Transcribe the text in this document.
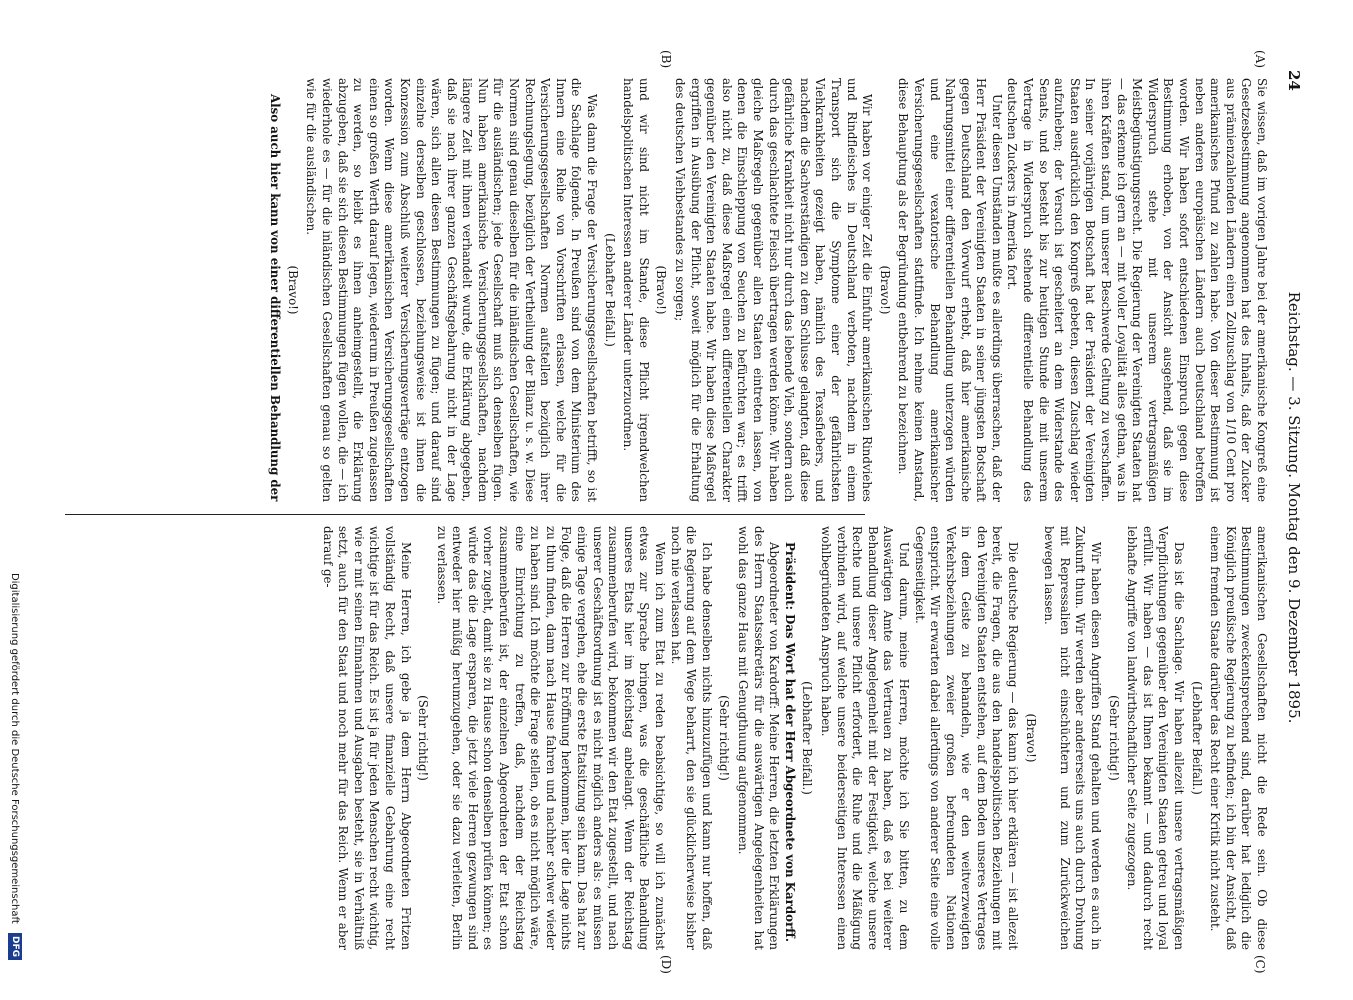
24
Reichstag. — 3. Sitzung. Montag den 9. Dezember 1895.
(A)
(B)
(C)
(D)

Sie wissen, daß im vorigen Jahre bei der amerikanische Kongreß eine Gesetzesbestimmung angenommen hat des Inhalts, daß der Zucker aus prämienzahlenden Ländern einen Zollzuschlag von 1/10 Cent pro amerikanisches Pfund zu zahlen habe. Von dieser Bestimmung ist neben anderen europäischen Ländern auch Deutschland betroffen worden. Wir haben sofort entschiedenen Einspruch gegen diese Bestimmung erhoben, von der Ansicht ausgehend, daß sie im Widerspruch stehe mit unserem vertragsmäßigen Meistbegünstigungsrecht. Die Regierung der Vereinigten Staaten hat — das erkenne ich gern an — mit voller Loyalität alles gethan, was in ihren Kräften stand, um unserer Beschwerde Geltung zu verschaffen. In seiner vorjährigen Botschaft hat der Präsident der Vereinigten Staaten ausdrücklich den Kongreß gebeten, diesen Zuschlag wieder aufzuheben; der Versuch ist gescheitert an dem Widerstande des Senats, und so besteht bis zur heutigen Stunde die mit unserem Vertrage in Widerspruch stehende differentielle Behandlung des deutschen Zuckers in Amerika fort.

Unter diesen Umständen mußte es allerdings überraschen, daß der Herr Präsident der Vereinigten Staaten in seiner jüngsten Botschaft gegen Deutschland den Vorwurf erhebt, daß hier amerikanische Nahrungsmittel einer differentiellen Behandlung unterzogen würden und eine vexatorische Behandlung amerikanischer Versicherungsgesellschaften stattfinde. Ich nehme keinen Anstand, diese Behauptung als der Begründung entbehrend zu bezeichnen.

(Bravo!)

Wir haben vor einiger Zeit die Einfuhr amerikanischen Rindviehes und Rindfleisches in Deutschland verboten, nachdem in einem Transport sich die Symptome einer der gefährlichsten Viehkrankheiten gezeigt haben, nämlich des Texasfiebers, und nachdem die Sachverständigen zu dem Schlusse gelangten, daß diese gefährliche Krankheit nicht nur durch das lebende Vieh, sondern auch durch das geschlachtete Fleisch übertragen werden könne. Wir haben gleiche Maßregeln gegenüber allen Staaten eintreten lassen, von denen die Einschleppung von Seuchen zu befürchten war; es trifft also nicht zu, daß diese Maßregel einen differentiellen Charakter gegenüber den Vereinigten Staaten habe. Wir haben diese Maßregel ergriffen in Ausübung der Pflicht, soweit möglich für die Erhaltung des deutschen Viehbestandes zu sorgen;

(Bravo!)

und wir sind nicht im Stande, diese Pflicht irgendwelchen handelspolitischen Interessen anderer Länder unterzuordnen.

(Lebhafter Beifall.)

Was dann die Frage der Versicherungsgesellschaften betrifft, so ist die Sachlage folgende. In Preußen sind von dem Ministerium des Innern eine Reihe von Vorschriften erlassen, welche für die Versicherungsgesellschaften Normen aufstellen bezüglich ihrer Rechnungslegung, bezüglich der Vertheilung der Bilanz u. s. w. Diese Normen sind genau dieselben für die inländischen Gesellschaften, wie für die ausländischen; jede Gesellschaft muß sich denselben fügen. Nun haben amerikanische Versicherungsgesellschaften, nachdem längere Zeit mit ihnen verhandelt wurde, die Erklärung abgegeben, daß sie nach ihrer ganzen Geschäftsgebahrung nicht in der Lage wären, sich allen diesen Bestimmungen zu fügen; und darauf sind einzelne derselben geschlossen, beziehungsweise ist ihnen die Konzession zum Abschluß weiterer Versicherungsverträge entzogen worden. Wenn diese amerikanischen Versicherungsgesellschaften einen so großen Werth darauf legen, wiederum in Preußen zugelassen zu werden, so bleibt es ihnen anheimgestellt, die Erklärung abzugeben, daß sie sich diesen Bestimmungen fügen wollen, die — ich wiederhole es — für die inländischen Gesellschaften genau so gelten wie für die ausländischen.

(Bravo!)

Also auch hier kann von einer differentiellen Behandlung der

amerikanischen Gesellschaften nicht die Rede sein. Ob diese Bestimmungen zweckentsprechend sind, darüber hat lediglich die Königlich preußische Regierung zu befinden; ich bin der Ansicht, daß einem fremden Staate darüber das Recht einer Kritik nicht zusteht.

(Lebhafter Beifall.)

Das ist die Sachlage. Wir haben allezeit unsere vertragsmäßigen Verpflichtungen gegenüber den Vereinigten Staaten getreu und loyal erfüllt. Wir haben — das ist Ihnen bekannt — und dadurch recht lebhafte Angriffe von landwirthschaftlicher Seite zugezogen.

(Sehr richtig!)

Wir haben diesen Angriffen Stand gehalten und werden es auch in Zukunft thun. Wir werden aber andererseits uns auch durch Drohung mit Repressalien nicht einschüchtern und zum Zurückweichen bewegen lassen.

(Bravo!)

Die deutsche Regierung — das kann ich hier erklären — ist allezeit bereit, die Fragen, die aus den handelspolitischen Beziehungen mit den Vereinigten Staaten entstehen, auf dem Boden unseres Vertrages in dem Geiste zu behandeln, wie er den weitverzweigten Verkehrsbeziehungen zweier großen befreundeten Nationen entspricht. Wir erwarten dabei allerdings von anderer Seite eine volle Gegenseitigkeit.

Und darum, meine Herren, möchte ich Sie bitten, zu dem Auswärtigen Amte das Vertrauen zu haben, daß es bei weiterer Behandlung dieser Angelegenheit mit der Festigkeit, welche unsere Rechte und unsere Pflicht erfordert, die Ruhe und die Mäßigung verbinden wird, auf welche unsere beiderseitigen Interessen einen wohlbegründeten Anspruch haben.

(Lebhafter Beifall.)

Präsident: Das Wort hat der Herr Abgeordnete von Kardorff.

Abgeordneter von Kardorff: Meine Herren, die letzten Erklärungen des Herrn Staatssekretärs für die auswärtigen Angelegenheiten hat wohl das ganze Haus mit Genugthuung aufgenommen.

(Sehr richtig!)

Ich habe denselben nichts hinzuzufügen und kann nur hoffen, daß die Regierung auf dem Wege beharrt, den sie glücklicherweise bisher noch nie verlassen hat.

Wenn ich zum Etat zu reden beabsichtige, so will ich zunächst etwas zur Sprache bringen, was die geschäftliche Behandlung unseres Etats hier im Reichstag anbelangt. Wenn der Reichstag zusammenberufen wird, bekommen wir den Etat zugestellt, und nach unserer Geschäftsordnung ist es nicht möglich anders als: es müssen einige Tage vergehen, ehe die erste Etatsitzung sein kann. Das hat zur Folge, daß die Herren zur Eröffnung herkommen, hier die Lage nichts zu thun finden, dann nach Hause fahren und nachher schwer wieder zu haben sind. Ich möchte die Frage stellen, ob es nicht möglich wäre, eine Einrichtung zu treffen, daß, nachdem der Reichstag zusammenberufen ist, der einzelnen Abgeordneten der Etat schon vorher zugeht, damit sie zu Hause schon denselben prüfen können; es würde das die Lage ersparen, die jetzt viele Herren gezwungen sind entweder hier müßig herumzugehen, oder sie dazu verleiten, Berlin zu verlassen.

(Sehr richtig!)

Meine Herren, ich gebe ja dem Herrn Abgeordneten Fritzen vollständig Recht, daß unsere finanzielle Gebahrung eine recht wichtige ist für das Reich. Es ist ja für jeden Menschen recht wichtig, wie er mit seinen Einnahmen und Ausgaben besteht, sie in Verhältniß setzt, auch für den Staat und noch mehr für das Reich. Wenn er aber darauf ge-

Digitalisierung gefördert durch die Deutsche Forschungsgemeinschaft DFG
